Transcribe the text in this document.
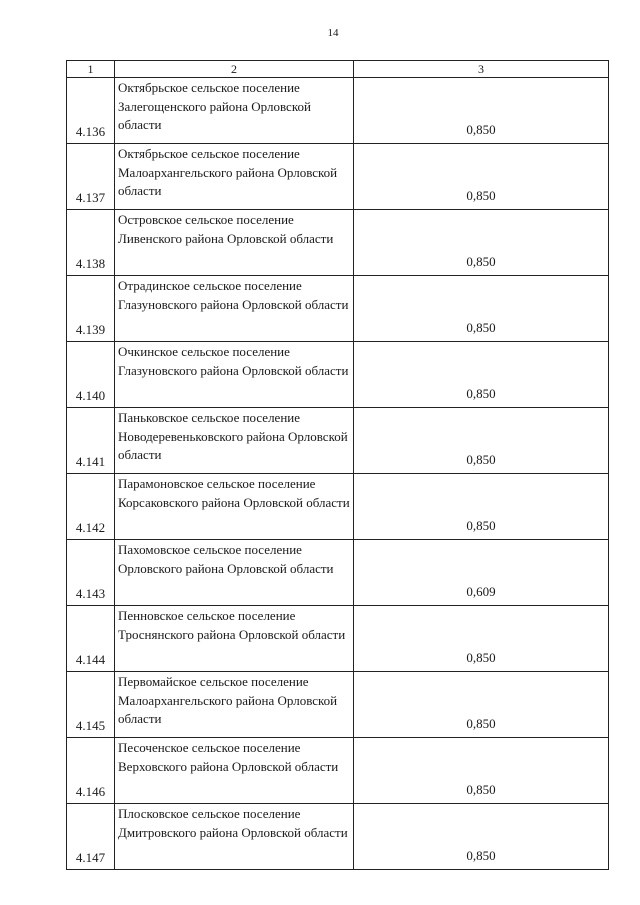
14
1	2	3
4.136	Октябрьское сельское поселение Залегощенского района Орловской области	0,850
4.137	Октябрьское сельское поселение Малоархангельского района Орловской области	0,850
4.138	Островское сельское поселение Ливенского района Орловской области	0,850
4.139	Отрадинское сельское поселение Глазуновского района Орловской области	0,850
4.140	Очкинское сельское поселение Глазуновского района Орловской области	0,850
4.141	Паньковское сельское поселение Новодеревеньковского района Орловской области	0,850
4.142	Парамоновское сельское поселение Корсаковского района Орловской области	0,850
4.143	Пахомовское сельское поселение Орловского района Орловской области	0,609
4.144	Пенновское сельское поселение Троснянского района Орловской области	0,850
4.145	Первомайское сельское поселение Малоархангельского района Орловской области	0,850
4.146	Песоченское сельское поселение Верховского района Орловской области	0,850
4.147	Плосковское сельское поселение Дмитровского района Орловской области	0,850
